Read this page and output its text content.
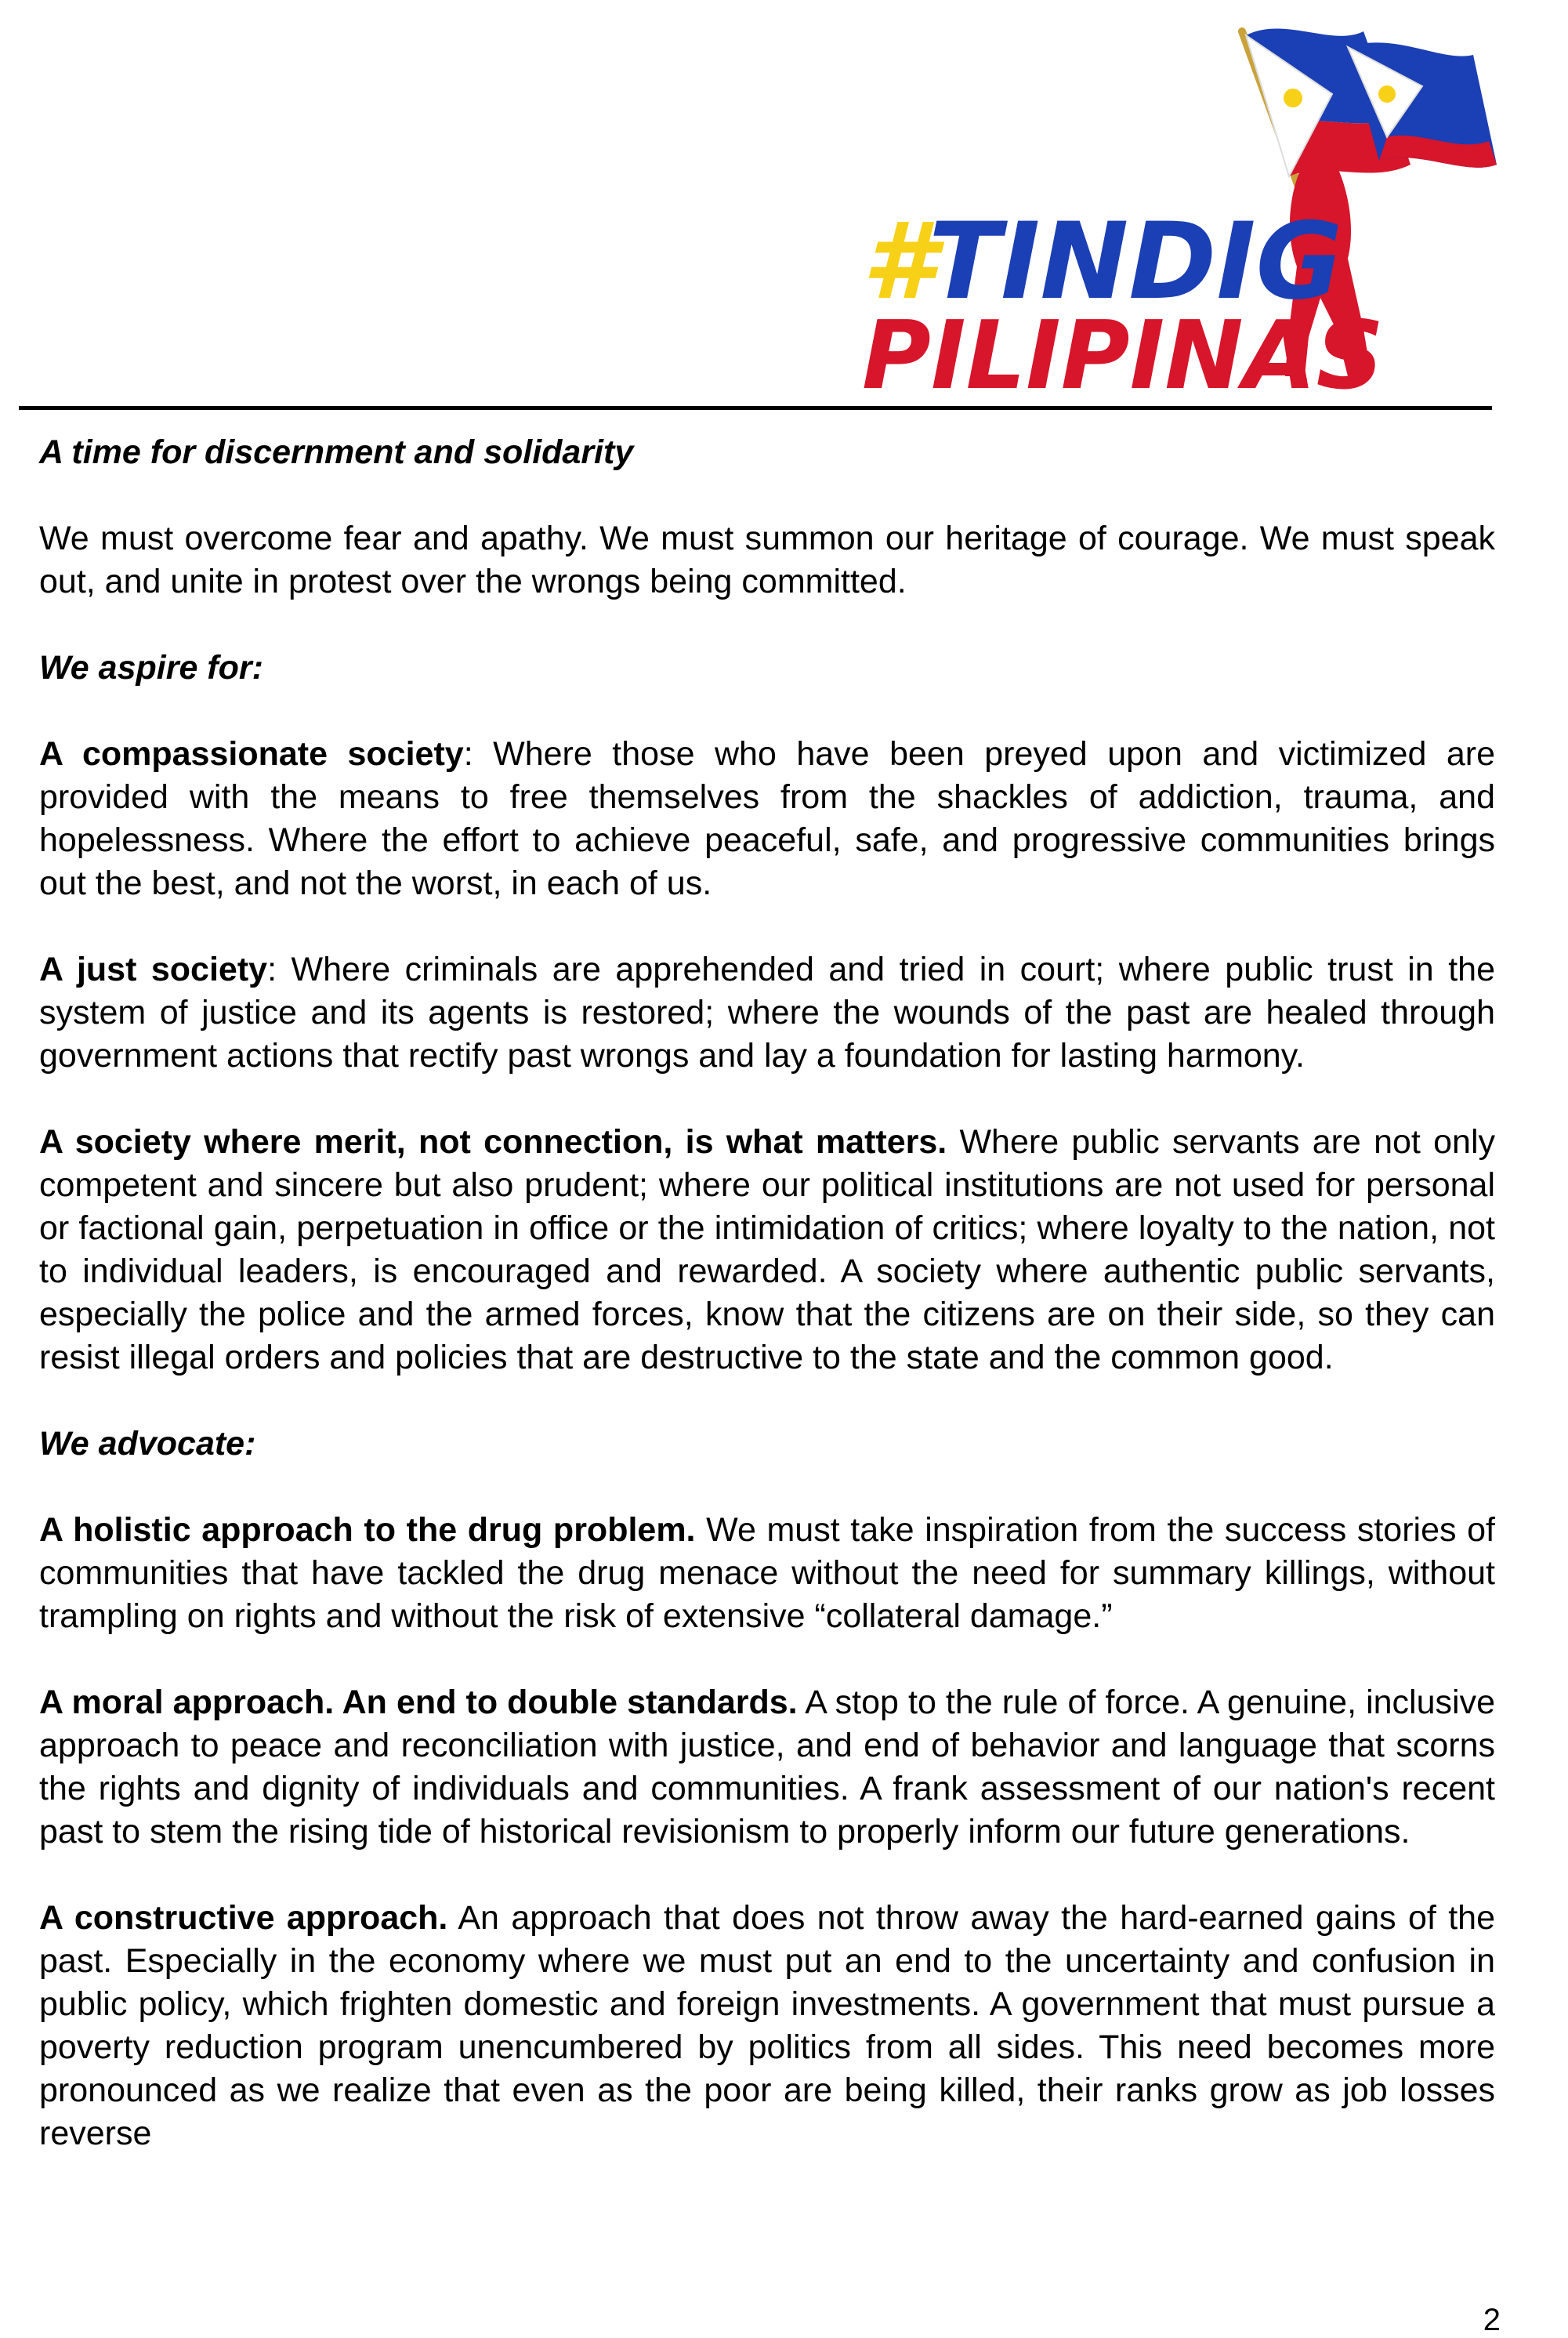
#
TINDIG
PILIPINAS

A time for discernment and solidarity

We must overcome fear and apathy. We must summon our heritage of courage. We must speak out, and unite in protest over the wrongs being committed.

We aspire for:

A compassionate society: Where those who have been preyed upon and victimized are provided with the means to free themselves from the shackles of addiction, trauma, and hopelessness. Where the effort to achieve peaceful, safe, and progressive communities brings out the best, and not the worst, in each of us.

A just society: Where criminals are apprehended and tried in court; where public trust in the system of justice and its agents is restored; where the wounds of the past are healed through government actions that rectify past wrongs and lay a foundation for lasting harmony.

A society where merit, not connection, is what matters. Where public servants are not only competent and sincere but also prudent; where our political institutions are not used for personal or factional gain, perpetuation in office or the intimidation of critics; where loyalty to the nation, not to individual leaders, is encouraged and rewarded. A society where authentic public servants, especially the police and the armed forces, know that the citizens are on their side, so they can resist illegal orders and policies that are destructive to the state and the common good.

We advocate:

A holistic approach to the drug problem. We must take inspiration from the success stories of communities that have tackled the drug menace without the need for summary killings, without trampling on rights and without the risk of extensive “collateral damage.”

A moral approach. An end to double standards. A stop to the rule of force. A genuine, inclusive approach to peace and reconciliation with justice, and end of behavior and language that scorns the rights and dignity of individuals and communities. A frank assessment of our nation's recent past to stem the rising tide of historical revisionism to properly inform our future generations.

A constructive approach. An approach that does not throw away the hard-earned gains of the past. Especially in the economy where we must put an end to the uncertainty and confusion in public policy, which frighten domestic and foreign investments. A government that must pursue a poverty reduction program unencumbered by politics from all sides. This need becomes more pronounced as we realize that even as the poor are being killed, their ranks grow as job losses reverse

2
